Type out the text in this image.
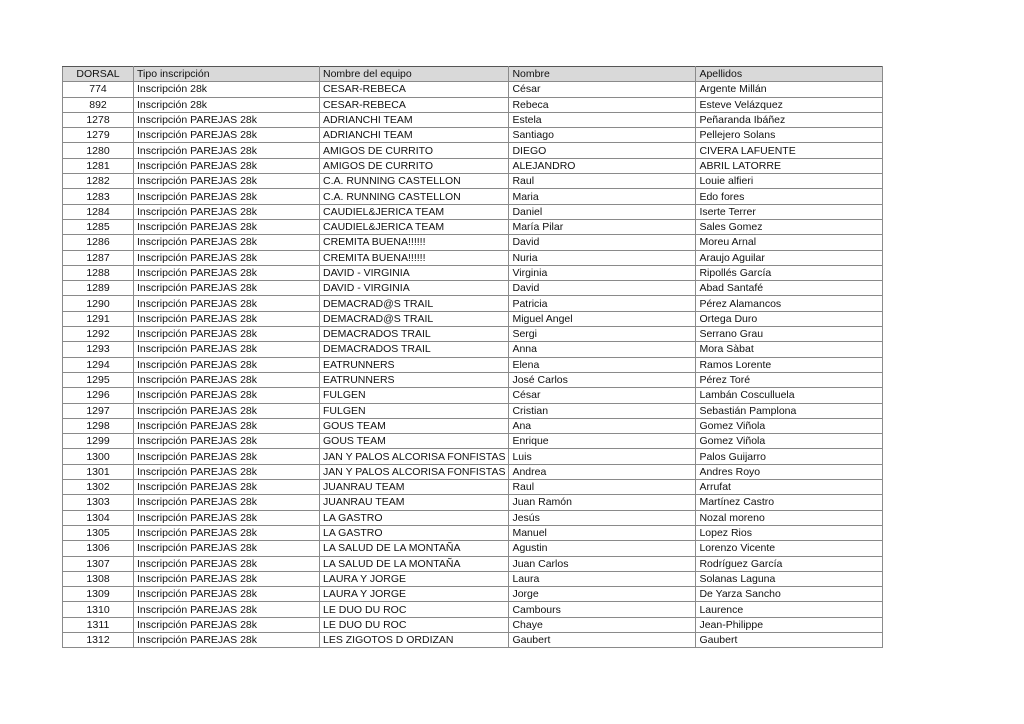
DORSAL	Tipo inscripción	Nombre del equipo	Nombre	Apellidos
774	Inscripción 28k	CESAR-REBECA	César	Argente Millán
892	Inscripción 28k	CESAR-REBECA	Rebeca	Esteve Velázquez
1278	Inscripción PAREJAS 28k	ADRIANCHI TEAM	Estela	Peñaranda Ibáñez
1279	Inscripción PAREJAS 28k	ADRIANCHI TEAM	Santiago	Pellejero Solans
1280	Inscripción PAREJAS 28k	AMIGOS DE CURRITO	DIEGO	CIVERA LAFUENTE
1281	Inscripción PAREJAS 28k	AMIGOS DE CURRITO	ALEJANDRO	ABRIL LATORRE
1282	Inscripción PAREJAS 28k	C.A. RUNNING CASTELLON	Raul	Louie alfieri
1283	Inscripción PAREJAS 28k	C.A. RUNNING CASTELLON	Maria	Edo fores
1284	Inscripción PAREJAS 28k	CAUDIEL&JERICA TEAM	Daniel	Iserte Terrer
1285	Inscripción PAREJAS 28k	CAUDIEL&JERICA TEAM	María Pilar	Sales Gomez
1286	Inscripción PAREJAS 28k	CREMITA BUENA!!!!!!	David	Moreu Arnal
1287	Inscripción PAREJAS 28k	CREMITA BUENA!!!!!!	Nuria	Araujo Aguilar
1288	Inscripción PAREJAS 28k	DAVID - VIRGINIA	Virginia	Ripollés García
1289	Inscripción PAREJAS 28k	DAVID - VIRGINIA	David	Abad Santafé
1290	Inscripción PAREJAS 28k	DEMACRAD@S TRAIL	Patricia	Pérez Alamancos
1291	Inscripción PAREJAS 28k	DEMACRAD@S TRAIL	Miguel Angel	Ortega Duro
1292	Inscripción PAREJAS 28k	DEMACRADOS TRAIL	Sergi	Serrano Grau
1293	Inscripción PAREJAS 28k	DEMACRADOS TRAIL	Anna	Mora Sàbat
1294	Inscripción PAREJAS 28k	EATRUNNERS	Elena	Ramos Lorente
1295	Inscripción PAREJAS 28k	EATRUNNERS	José Carlos	Pérez Toré
1296	Inscripción PAREJAS 28k	FULGEN	César	Lambán Cosculluela
1297	Inscripción PAREJAS 28k	FULGEN	Cristian	Sebastián Pamplona
1298	Inscripción PAREJAS 28k	GOUS TEAM	Ana	Gomez Viñola
1299	Inscripción PAREJAS 28k	GOUS TEAM	Enrique	Gomez Viñola
1300	Inscripción PAREJAS 28k	JAN Y PALOS ALCORISA FONFISTAS	Luis	Palos Guijarro
1301	Inscripción PAREJAS 28k	JAN Y PALOS ALCORISA FONFISTAS	Andrea	Andres Royo
1302	Inscripción PAREJAS 28k	JUANRAU TEAM	Raul	Arrufat
1303	Inscripción PAREJAS 28k	JUANRAU TEAM	Juan Ramón	Martínez Castro
1304	Inscripción PAREJAS 28k	LA GASTRO	Jesús	Nozal moreno
1305	Inscripción PAREJAS 28k	LA GASTRO	Manuel	Lopez Rios
1306	Inscripción PAREJAS 28k	LA SALUD DE LA MONTAÑA	Agustin	Lorenzo Vicente
1307	Inscripción PAREJAS 28k	LA SALUD DE LA MONTAÑA	Juan Carlos	Rodríguez García
1308	Inscripción PAREJAS 28k	LAURA Y JORGE	Laura	Solanas Laguna
1309	Inscripción PAREJAS 28k	LAURA Y JORGE	Jorge	De Yarza Sancho
1310	Inscripción PAREJAS 28k	LE DUO DU ROC	Cambours	Laurence
1311	Inscripción PAREJAS 28k	LE DUO DU ROC	Chaye	Jean-Philippe
1312	Inscripción PAREJAS 28k	LES ZIGOTOS D ORDIZAN	Gaubert	Gaubert
